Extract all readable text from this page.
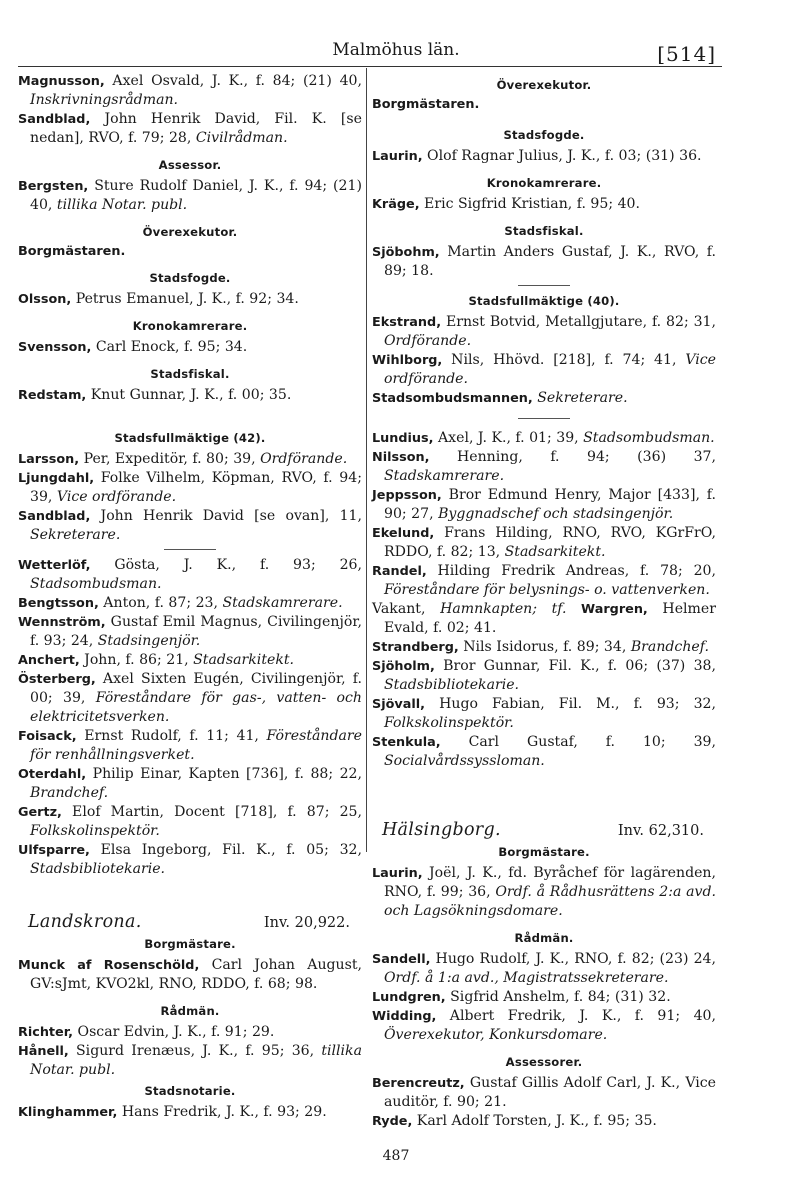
Malmöhus län.	[514]
Magnusson, Axel Osvald, J. K., f. 84; (21) 40, Inskrivningsrådman.
Sandblad, John Henrik David, Fil. K. [se nedan], RVO, f. 79; 28, Civilrådman.
Assessor.
Bergsten, Sture Rudolf Daniel, J. K., f. 94; (21) 40, tillika Notar. publ.
Överexekutor.
Borgmästaren.
Stadsfogde.
Olsson, Petrus Emanuel, J. K., f. 92; 34.
Kronokamrerare.
Svensson, Carl Enock, f. 95; 34.
Stadsfiskal.
Redstam, Knut Gunnar, J. K., f. 00; 35.
Stadsfullmäktige (42).
Larsson, Per, Expeditör, f. 80; 39, Ordförande.
Ljungdahl, Folke Vilhelm, Köpman, RVO, f. 94; 39, Vice ordförande.
Sandblad, John Henrik David [se ovan], 11, Sekreterare.
Wetterlöf, Gösta, J. K., f. 93; 26, Stadsombudsman.
Bengtsson, Anton, f. 87; 23, Stadskamrerare.
Wennström, Gustaf Emil Magnus, Civilingenjör, f. 93; 24, Stadsingenjör.
Anchert, John, f. 86; 21, Stadsarkitekt.
Österberg, Axel Sixten Eugén, Civilingenjör, f. 00; 39, Föreståndare för gas-, vatten- och elektricitetsverken.
Foisack, Ernst Rudolf, f. 11; 41, Föreståndare för renhållningsverket.
Oterdahl, Philip Einar, Kapten [736], f. 88; 22, Brandchef.
Gertz, Elof Martin, Docent [718], f. 87; 25, Folkskolinspektör.
Ulfsparre, Elsa Ingeborg, Fil. K., f. 05; 32, Stadsbibliotekarie.
Landskrona.	Inv. 20,922.
Borgmästare.
Munck af Rosenschöld, Carl Johan August, GV:sJmt, KVO2kl, RNO, RDDO, f. 68; 98.
Rådmän.
Richter, Oscar Edvin, J. K., f. 91; 29.
Hånell, Sigurd Irenæus, J. K., f. 95; 36, tillika Notar. publ.
Stadsnotarie.
Klinghammer, Hans Fredrik, J. K., f. 93; 29.
Överexekutor.
Borgmästaren.
Stadsfogde.
Laurin, Olof Ragnar Julius, J. K., f. 03; (31) 36.
Kronokamrerare.
Kräge, Eric Sigfrid Kristian, f. 95; 40.
Stadsfiskal.
Sjöbohm, Martin Anders Gustaf, J. K., RVO, f. 89; 18.
Stadsfullmäktige (40).
Ekstrand, Ernst Botvid, Metallgjutare, f. 82; 31, Ordförande.
Wihlborg, Nils, Hhövd. [218], f. 74; 41, Vice ordförande.
Stadsombudsmannen, Sekreterare.
Lundius, Axel, J. K., f. 01; 39, Stadsombudsman.
Nilsson, Henning, f. 94; (36) 37, Stadskamrerare.
Jeppsson, Bror Edmund Henry, Major [433], f. 90; 27, Byggnadschef och stadsingenjör.
Ekelund, Frans Hilding, RNO, RVO, KGrFrO, RDDO, f. 82; 13, Stadsarkitekt.
Randel, Hilding Fredrik Andreas, f. 78; 20, Föreståndare för belysnings- o. vattenverken.
Vakant, Hamnkapten; tf. Wargren, Helmer Evald, f. 02; 41.
Strandberg, Nils Isidorus, f. 89; 34, Brandchef.
Sjöholm, Bror Gunnar, Fil. K., f. 06; (37) 38, Stadsbibliotekarie.
Sjövall, Hugo Fabian, Fil. M., f. 93; 32, Folkskolinspektör.
Stenkula, Carl Gustaf, f. 10; 39, Socialvårdssyssloman.
Hälsingborg.	Inv. 62,310.
Borgmästare.
Laurin, Joël, J. K., fd. Byråchef för lagärenden, RNO, f. 99; 36, Ordf. å Rådhusrättens 2:a avd. och Lagsökningsdomare.
Rådmän.
Sandell, Hugo Rudolf, J. K., RNO, f. 82; (23) 24, Ordf. å 1:a avd., Magistratssekreterare.
Lundgren, Sigfrid Anshelm, f. 84; (31) 32.
Widding, Albert Fredrik, J. K., f. 91; 40, Överexekutor, Konkursdomare.
Assessorer.
Berencreutz, Gustaf Gillis Adolf Carl, J. K., Vice auditör, f. 90; 21.
Ryde, Karl Adolf Torsten, J. K., f. 95; 35.
487
